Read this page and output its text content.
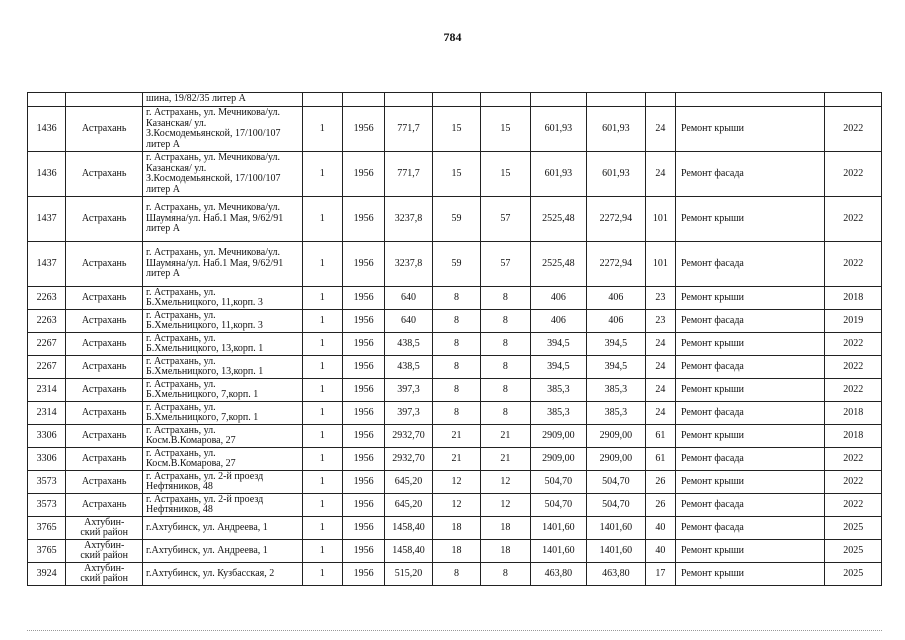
784
		шина, 19/82/35 литер А										
1436	Астрахань	г. Астрахань, ул. Мечникова/ул.
Казанская/ ул.
З.Космодемьянской, 17/100/107
литер А	1	1956	771,7	15	15	601,93	601,93	24	Ремонт крыши	2022
1436	Астрахань	г. Астрахань, ул. Мечникова/ул.
Казанская/ ул.
З.Космодемьянской, 17/100/107
литер А	1	1956	771,7	15	15	601,93	601,93	24	Ремонт фасада	2022
1437	Астрахань	г. Астрахань, ул. Мечникова/ул.
Шаумяна/ул. Наб.1 Мая, 9/62/91
литер А	1	1956	3237,8	59	57	2525,48	2272,94	101	Ремонт крыши	2022
1437	Астрахань	г. Астрахань, ул. Мечникова/ул.
Шаумяна/ул. Наб.1 Мая, 9/62/91
литер А	1	1956	3237,8	59	57	2525,48	2272,94	101	Ремонт фасада	2022
2263	Астрахань	г. Астрахань, ул.
Б.Хмельницкого, 11,корп. 3	1	1956	640	8	8	406	406	23	Ремонт крыши	2018
2263	Астрахань	г. Астрахань, ул.
Б.Хмельницкого, 11,корп. 3	1	1956	640	8	8	406	406	23	Ремонт фасада	2019
2267	Астрахань	г. Астрахань, ул.
Б.Хмельницкого, 13,корп. 1	1	1956	438,5	8	8	394,5	394,5	24	Ремонт крыши	2022
2267	Астрахань	г. Астрахань, ул.
Б.Хмельницкого, 13,корп. 1	1	1956	438,5	8	8	394,5	394,5	24	Ремонт фасада	2022
2314	Астрахань	г. Астрахань, ул.
Б.Хмельницкого, 7,корп. 1	1	1956	397,3	8	8	385,3	385,3	24	Ремонт крыши	2022
2314	Астрахань	г. Астрахань, ул.
Б.Хмельницкого, 7,корп. 1	1	1956	397,3	8	8	385,3	385,3	24	Ремонт фасада	2018
3306	Астрахань	г. Астрахань, ул.
Косм.В.Комарова, 27	1	1956	2932,70	21	21	2909,00	2909,00	61	Ремонт крыши	2018
3306	Астрахань	г. Астрахань, ул.
Косм.В.Комарова, 27	1	1956	2932,70	21	21	2909,00	2909,00	61	Ремонт фасада	2022
3573	Астрахань	г. Астрахань, ул. 2-й проезд
Нефтяников, 48	1	1956	645,20	12	12	504,70	504,70	26	Ремонт крыши	2022
3573	Астрахань	г. Астрахань, ул. 2-й проезд
Нефтяников, 48	1	1956	645,20	12	12	504,70	504,70	26	Ремонт фасада	2022
3765	Ахтубин-
ский район	г.Ахтубинск, ул. Андреева, 1	1	1956	1458,40	18	18	1401,60	1401,60	40	Ремонт фасада	2025
3765	Ахтубин-
ский район	г.Ахтубинск, ул. Андреева, 1	1	1956	1458,40	18	18	1401,60	1401,60	40	Ремонт крыши	2025
3924	Ахтубин-
ский район	г.Ахтубинск, ул. Кузбасская, 2	1	1956	515,20	8	8	463,80	463,80	17	Ремонт крыши	2025
